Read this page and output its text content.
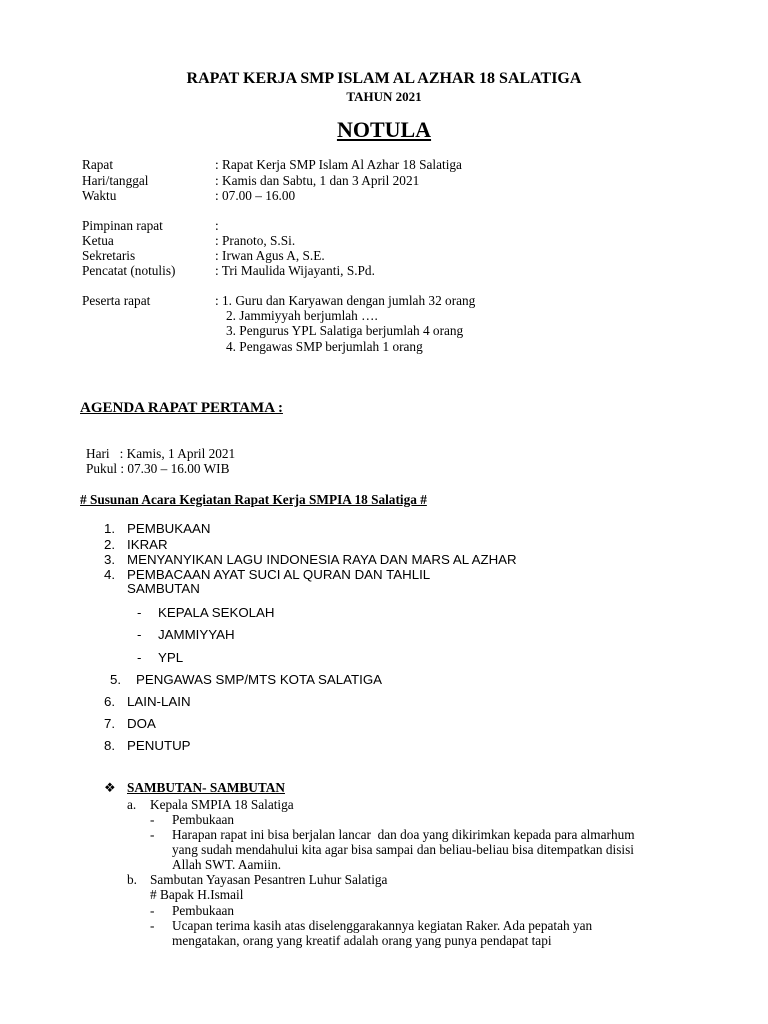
RAPAT KERJA SMP ISLAM AL AZHAR 18 SALATIGA
TAHUN 2021
NOTULA
Rapat	: Rapat Kerja SMP Islam Al Azhar 18 Salatiga
Hari/tanggal	: Kamis dan Sabtu, 1 dan 3 April 2021
Waktu	: 07.00 – 16.00
Pimpinan rapat	:
Ketua	: Pranoto, S.Si.
Sekretaris	: Irwan Agus A, S.E.
Pencatat (notulis)	: Tri Maulida Wijayanti, S.Pd.
Peserta rapat	: 1. Guru dan Karyawan dengan jumlah 32 orang
2. Jammiyyah berjumlah ….
3. Pengurus YPL Salatiga berjumlah 4 orang
4. Pengawas SMP berjumlah 1 orang
AGENDA RAPAT PERTAMA :
Hari   : Kamis, 1 April 2021
Pukul : 07.30 – 16.00 WIB
# Susunan Acara Kegiatan Rapat Kerja SMPIA 18 Salatiga #
1. PEMBUKAAN
2. IKRAR
3. MENYANYIKAN LAGU INDONESIA RAYA DAN MARS AL AZHAR
4. PEMBACAAN AYAT SUCI AL QURAN DAN TAHLIL
SAMBUTAN
- KEPALA SEKOLAH
- JAMMIYYAH
- YPL
5. PENGAWAS SMP/MTS KOTA SALATIGA
6. LAIN-LAIN
7. DOA
8. PENUTUP
❖ SAMBUTAN- SAMBUTAN
a. Kepala SMPIA 18 Salatiga
- Pembukaan
- Harapan rapat ini bisa berjalan lancar  dan doa yang dikirimkan kepada para almarhum
yang sudah mendahului kita agar bisa sampai dan beliau-beliau bisa ditempatkan disisi
Allah SWT. Aamiin.
b. Sambutan Yayasan Pesantren Luhur Salatiga
# Bapak H.Ismail
- Pembukaan
- Ucapan terima kasih atas diselenggarakannya kegiatan Raker. Ada pepatah yan
mengatakan, orang yang kreatif adalah orang yang punya pendapat tapi
